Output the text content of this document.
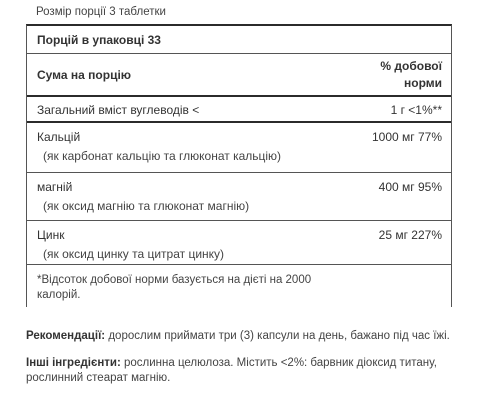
Розмір порції 3 таблетки
Порцій в упаковці 33
Сума на порцію
% добової
норми
Загальний вміст вуглеводів <	1 г <1%**
Кальцій	1000 мг 77%
(як карбонат кальцію та глюконат кальцію)
магній	400 мг 95%
(як оксид магнію та глюконат магнію)
Цинк	25 мг 227%
(як оксид цинку та цитрат цинку)
*Відсоток добової норми базується на дієті на 2000
калорій.

Рекомендації: дорослим приймати три (3) капсули на день, бажано під час їжі.

Інші інгредієнти: рослинна целюлоза. Містить <2%: барвник діоксид титану, рослинний стеарат магнію.
